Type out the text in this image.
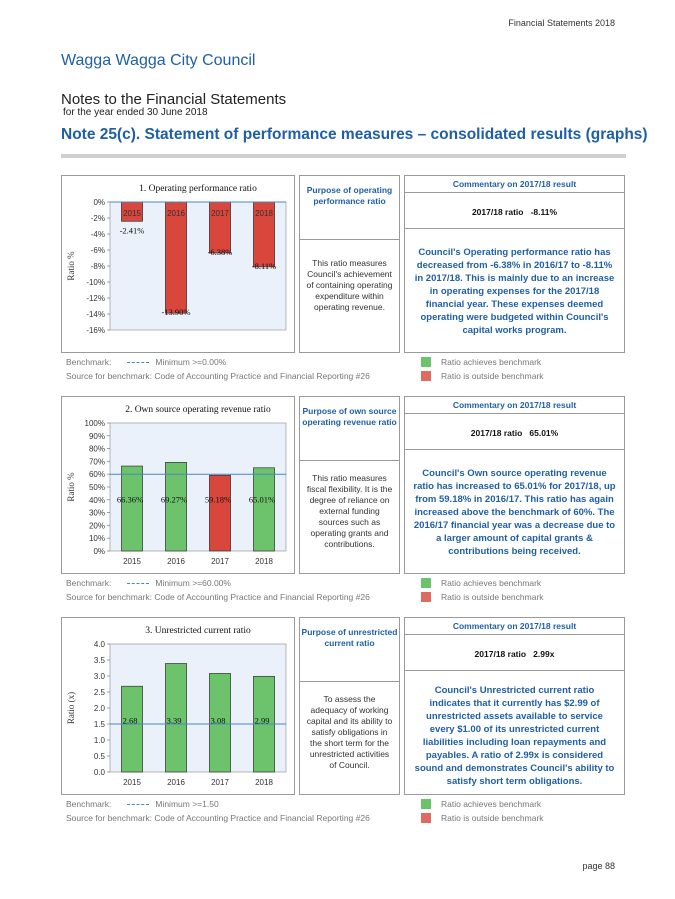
Financial Statements 2018
Wagga Wagga City Council
Notes to the Financial Statements
for the year ended 30 June 2018
Note 25(c). Statement of performance measures – consolidated results (graphs)
1. Operating performance ratio
Ratio %
0%
-2%
-4%
-6%
-8%
-10%
-12%
-14%
-16%
2015
-2.41%
2016
-13.90%
2017
-6.38%
2018
-8.11%
Purpose of operating performance ratio
This ratio measures Council's achievement of containing operating expenditure within operating revenue.
Commentary on 2017/18 result
2017/18 ratio -8.11%
Council's Operating performance ratio has decreased from -6.38% in 2016/17 to -8.11% in 2017/18. This is mainly due to an increase in operating expenses for the 2017/18 financial year. These expenses deemed operating were budgeted within Council's capital works program.
Benchmark:	Minimum >=0.00%
Source for benchmark: Code of Accounting Practice and Financial Reporting #26
Ratio achieves benchmark
Ratio is outside benchmark
2. Own source operating revenue ratio
Ratio %
100%
90%
80%
70%
60%
50%
40%
30%
20%
10%
0%
2015
66.36%
2016
69.27%
2017
59.18%
2018
65.01%
Purpose of own source operating revenue ratio
This ratio measures fiscal flexibility. It is the degree of reliance on external funding sources such as operating grants and contributions.
Commentary on 2017/18 result
2017/18 ratio 65.01%
Council's Own source operating revenue ratio has increased to 65.01% for 2017/18, up from 59.18% in 2016/17. This ratio has again increased above the benchmark of 60%. The 2016/17 financial year was a decrease due to a larger amount of capital grants & contributions being received.
Benchmark:	Minimum >=60.00%
Source for benchmark: Code of Accounting Practice and Financial Reporting #26
Ratio achieves benchmark
Ratio is outside benchmark
3. Unrestricted current ratio
Ratio (x)
4.0
3.5
3.0
2.5
2.0
1.5
1.0
0.5
0.0
2015
2.68
2016
3.39
2017
3.08
2018
2.99
Purpose of unrestricted current ratio
To assess the adequacy of working capital and its ability to satisfy obligations in the short term for the unrestricted activities of Council.
Commentary on 2017/18 result
2017/18 ratio 2.99x
Council's Unrestricted current ratio indicates that it currently has $2.99 of unrestricted assets available to service every $1.00 of its unrestricted current liabilities including loan repayments and payables. A ratio of 2.99x is considered sound and demonstrates Council's ability to satisfy short term obligations.
Benchmark:	Minimum >=1.50
Source for benchmark: Code of Accounting Practice and Financial Reporting #26
Ratio achieves benchmark
Ratio is outside benchmark
page 88
